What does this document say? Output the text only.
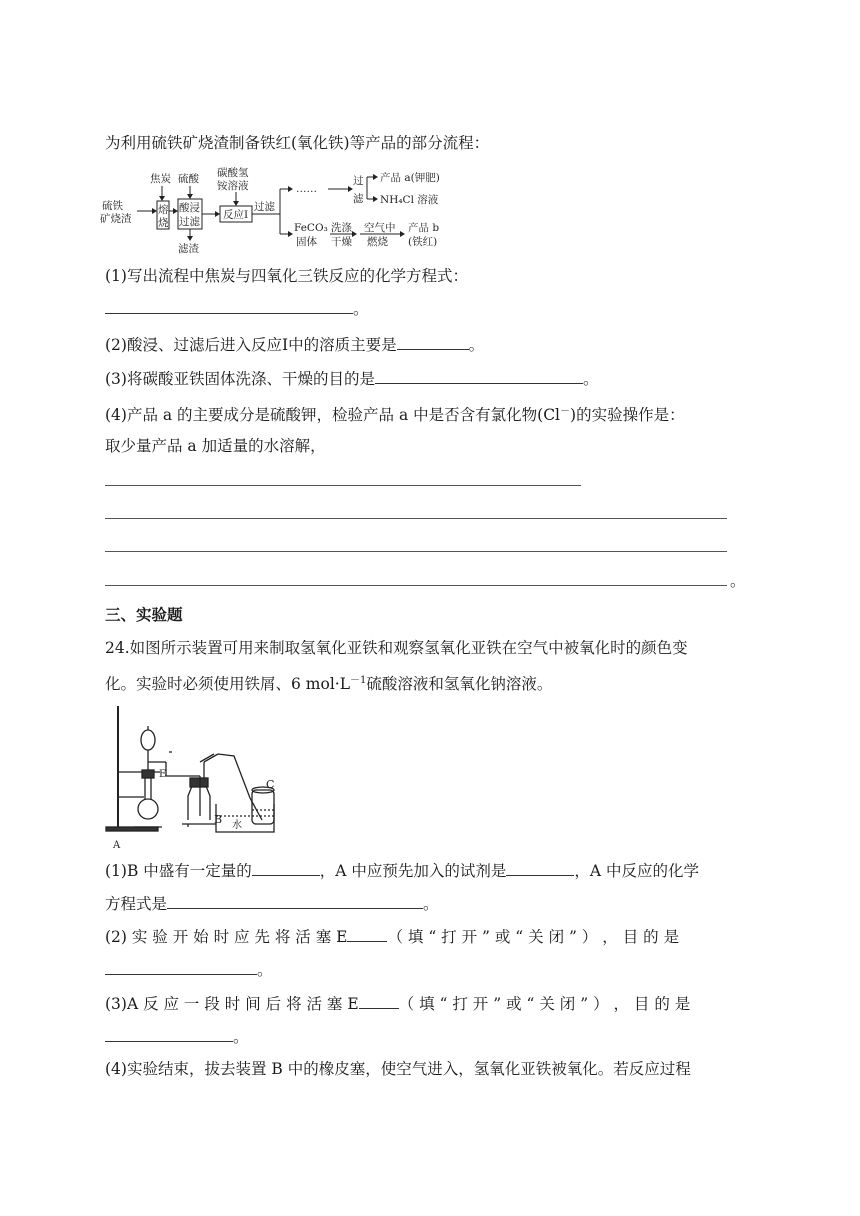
为利用硫铁矿烧渣制备铁红(氧化铁)等产品的部分流程：
硫铁
矿烧渣
焦炭
熔
烧
硫酸
酸浸
过滤
滤渣
碳酸氢
铵溶液
反应Ⅰ
过滤
……
过
滤
产品 a(钾肥)
NH₄Cl 溶液
FeCO₃
固体
洗涤
干燥
空气中
燃烧
产品 b
(铁红)
(1)写出流程中焦炭与四氧化三铁反应的化学方程式：
。
(2)酸浸、过滤后进入反应Ⅰ中的溶质主要是	。
(3)将碳酸亚铁固体洗涤、干燥的目的是	。
(4)产品 a 的主要成分是硫酸钾，检验产品 a 中是否含有氯化物(Cl－)的实验操作是：
取少量产品 a 加适量的水溶解，
。
三、实验题
24.如图所示装置可用来制取氢氧化亚铁和观察氢氧化亚铁在空气中被氧化时的颜色变
化。实验时必须使用铁屑、6 $mol\cdot L^{-1}$硫酸溶液和氢氧化钠溶液。
A
B
C
E
水
(1)B 中盛有一定量的	，A 中应预先加入的试剂是	，A 中反应的化学
方程式是	。
(2) 实 验 开 始 时 应 先 将 活 塞 E	（ 填 “ 打 开 ” 或 “ 关 闭 ” ） ， 目 的 是
。
(3)A 反 应 一 段 时 间 后 将 活 塞 E	（ 填 “ 打 开 ” 或 “ 关 闭 ” ） ， 目 的 是
。
(4)实验结束，拔去装置 B 中的橡皮塞，使空气进入，氢氧化亚铁被氧化。若反应过程
